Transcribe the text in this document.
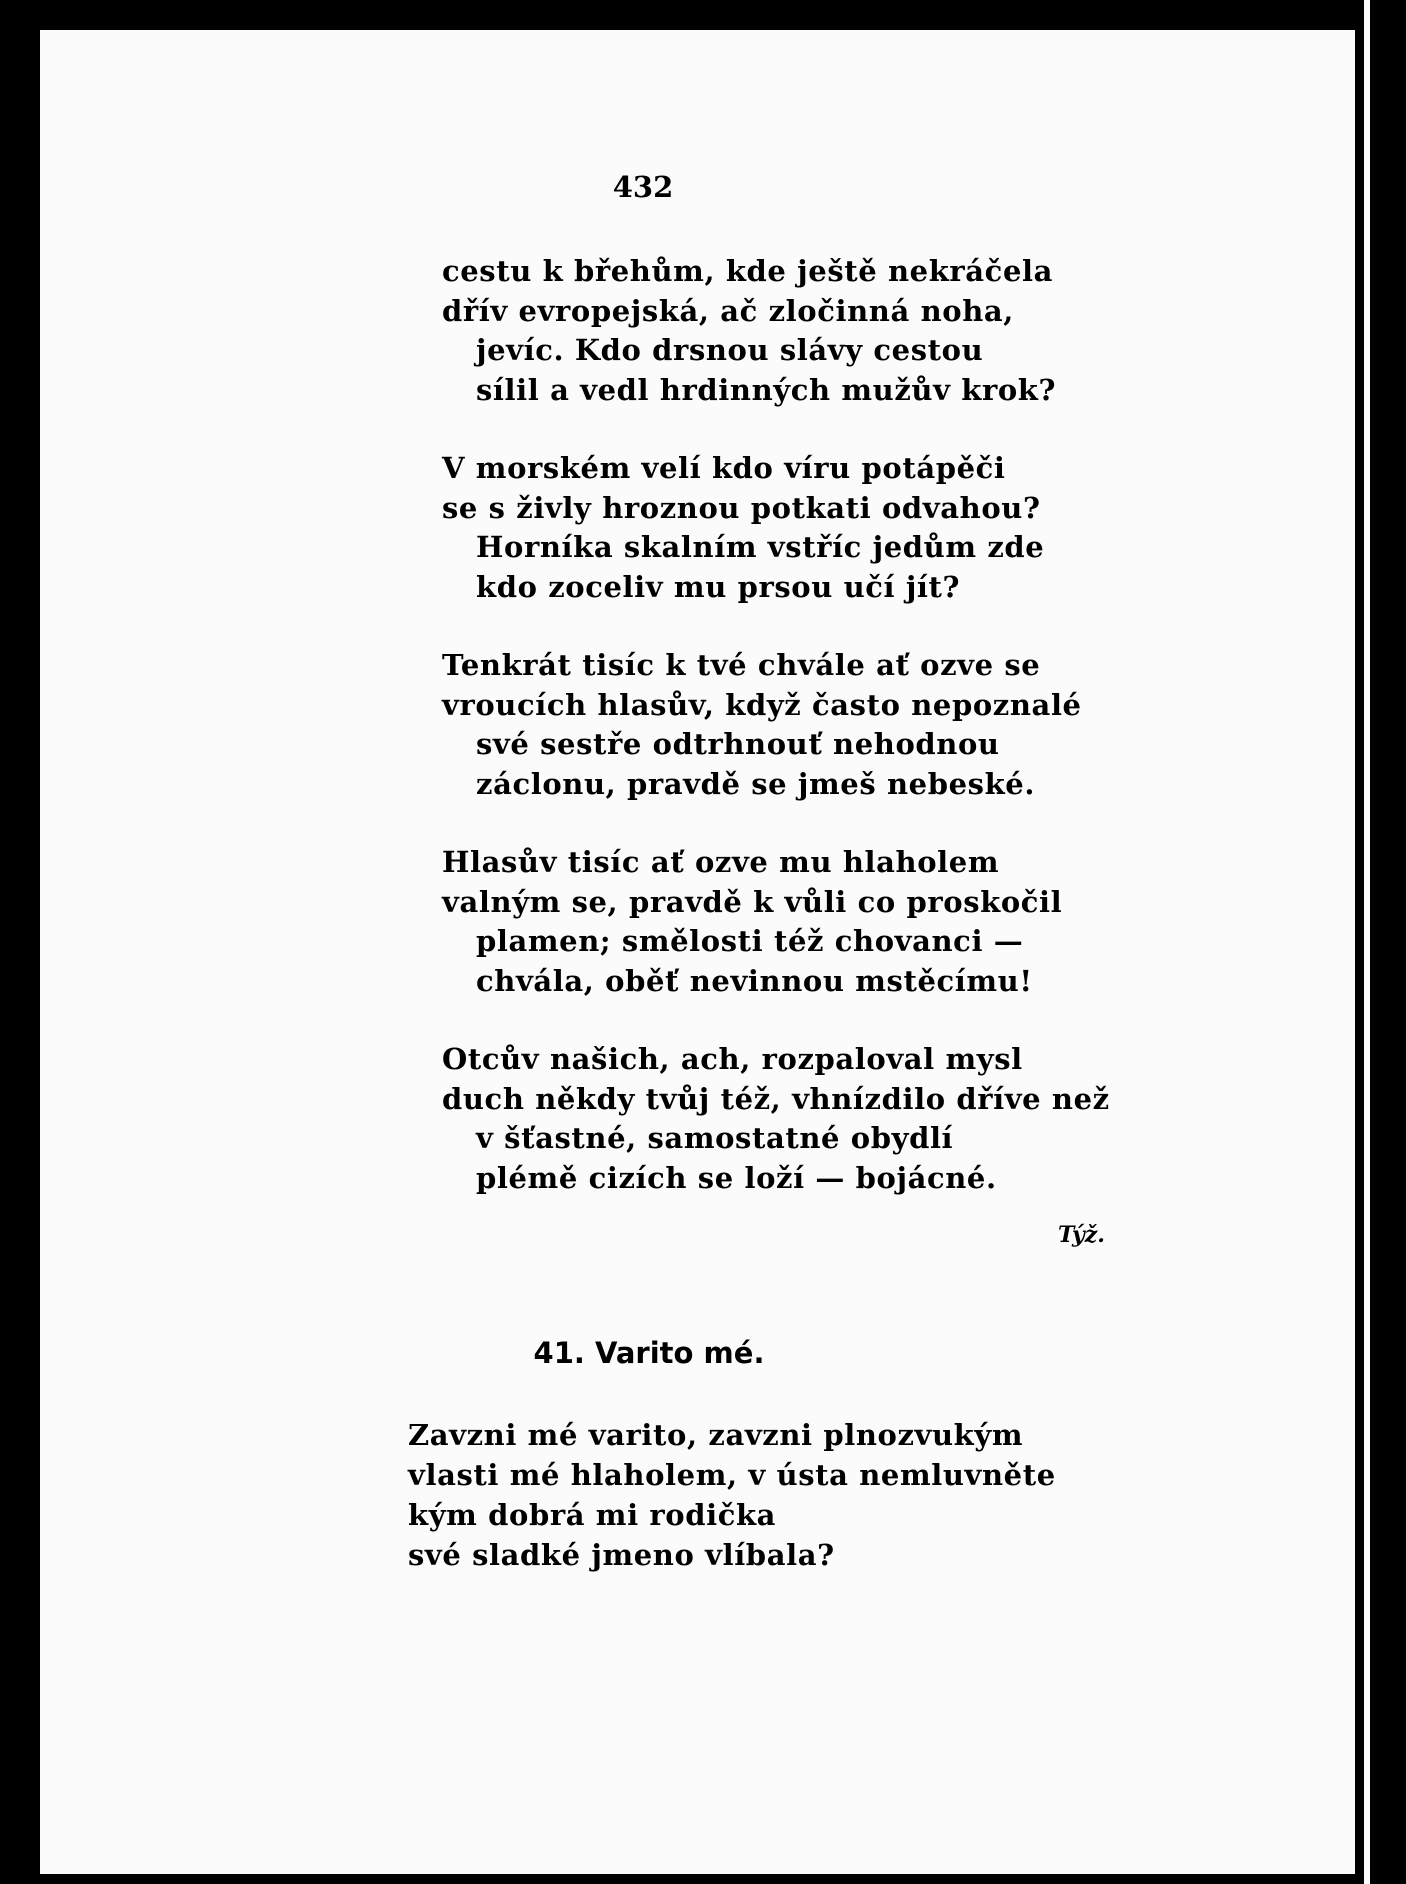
432
cestu k břehům, kde ještě nekráčela
dřív evropejská, ač zločinná noha,
jevíc. Kdo drsnou slávy cestou
sílil a vedl hrdinných mužův krok?
V morském velí kdo víru potápěči
se s živly hroznou potkati odvahou?
Horníka skalním vstříc jedům zde
kdo zoceliv mu prsou učí jít?
Tenkrát tisíc k tvé chvále ať ozve se
vroucích hlasův, když často nepoznalé
své sestře odtrhnouť nehodnou
záclonu, pravdě se jmeš nebeské.
Hlasův tisíc ať ozve mu hlaholem
valným se, pravdě k vůli co proskočil
plamen; smělosti též chovanci —
chvála, oběť nevinnou mstěcímu!
Otcův našich, ach, rozpaloval mysl
duch někdy tvůj též, vhnízdilo dříve než
v šťastné, samostatné obydlí
plémě cizích se loží — bojácné.
Týž.
41. Varito mé.
Zavzni mé varito, zavzni plnozvukým
vlasti mé hlaholem, v ústa nemluvněte
kým dobrá mi rodička
své sladké jmeno vlíbala?
